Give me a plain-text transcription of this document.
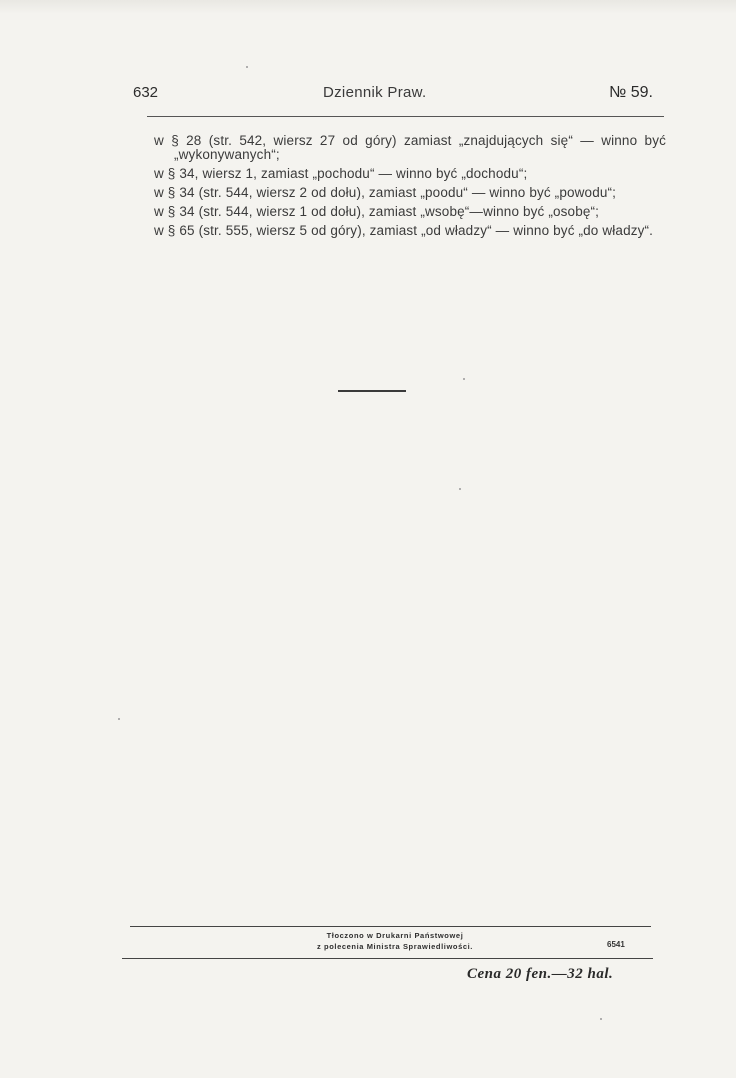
632	Dziennik Praw.	№ 59.

w § 28 (str. 542, wiersz 27 od góry) zamiast „znajdujących się“ — winno być „wykonywanych“;

w § 34, wiersz 1, zamiast „pochodu“ — winno być „dochodu“;

w § 34 (str. 544, wiersz 2 od dołu), zamiast „poodu“ — winno być „powodu“;

w § 34 (str. 544, wiersz 1 od dołu), zamiast „wsobę“—winno być „osobę“;

w § 65 (str. 555, wiersz 5 od góry), zamiast „od władzy“ — winno być „do władzy“.

Tłoczono w Drukarni Państwowej
z polecenia Ministra Sprawiedliwości.	6541
Cena 20 fen.—32 hal.
